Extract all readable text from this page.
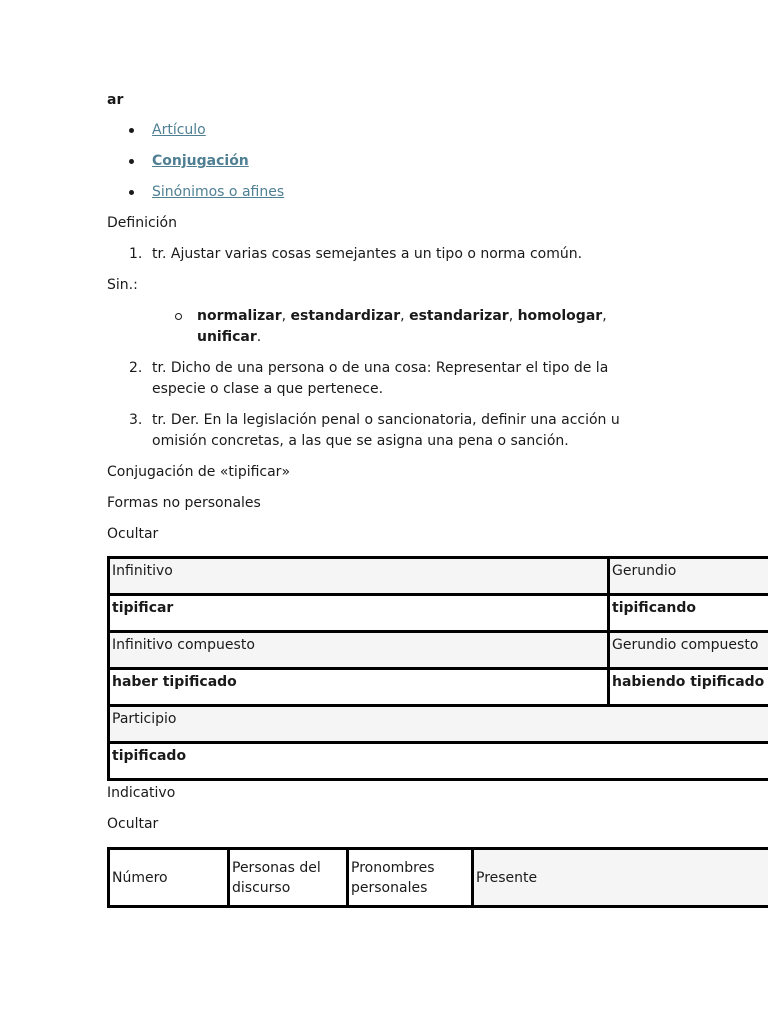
ar
Artículo
Conjugación
Sinónimos o afines
Definición
1. tr. Ajustar varias cosas semejantes a un tipo o norma común.
Sin.:
normalizar, estandardizar, estandarizar, homologar, unificar.
2. tr. Dicho de una persona o de una cosa: Representar el tipo de la especie o clase a que pertenece.
3. tr. Der. En la legislación penal o sancionatoria, definir una acción u omisión concretas, a las que se asigna una pena o sanción.
Conjugación de «tipificar»
Formas no personales
Ocultar
Infinitivo	Gerundio
tipificar	tipificando
Infinitivo compuesto	Gerundio compuesto
haber tipificado	habiendo tipificado
Participio	
tipificado	
Indicativo
Ocultar
Número	Personas del discurso	Pronombres personales	Presente
